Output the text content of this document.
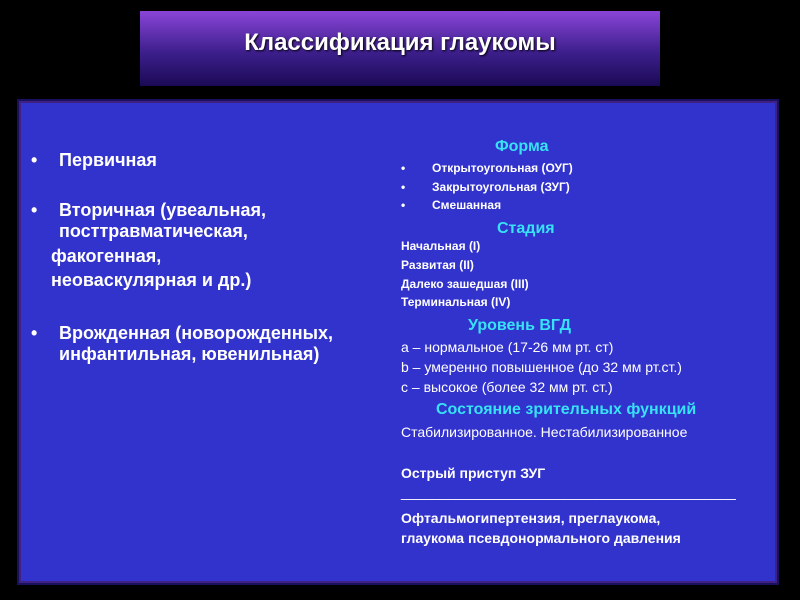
Классификация глаукомы
• Первичная
• Вторичная (увеальная,
посттравматическая,
факогенная,
неоваскулярная и др.)
• Врожденная (новорожденных,
инфантильная, ювенильная)
Форма
• Открытоугольная (ОУГ)
• Закрытоугольная (ЗУГ)
• Смешанная
Стадия
Начальная (I)
Развитая (II)
Далеко зашедшая (III)
Терминальная (IV)
Уровень ВГД
а – нормальное (17-26 мм рт. ст)
b – умеренно повышенное (до 32 мм рт.ст.)
с – высокое (более 32 мм рт. ст.)
Состояние зрительных функций
Стабилизированное. Нестабилизированное
Острый приступ ЗУГ
___________________________________________
Офтальмогипертензия, преглаукома,
глаукома псевдонормального давления
